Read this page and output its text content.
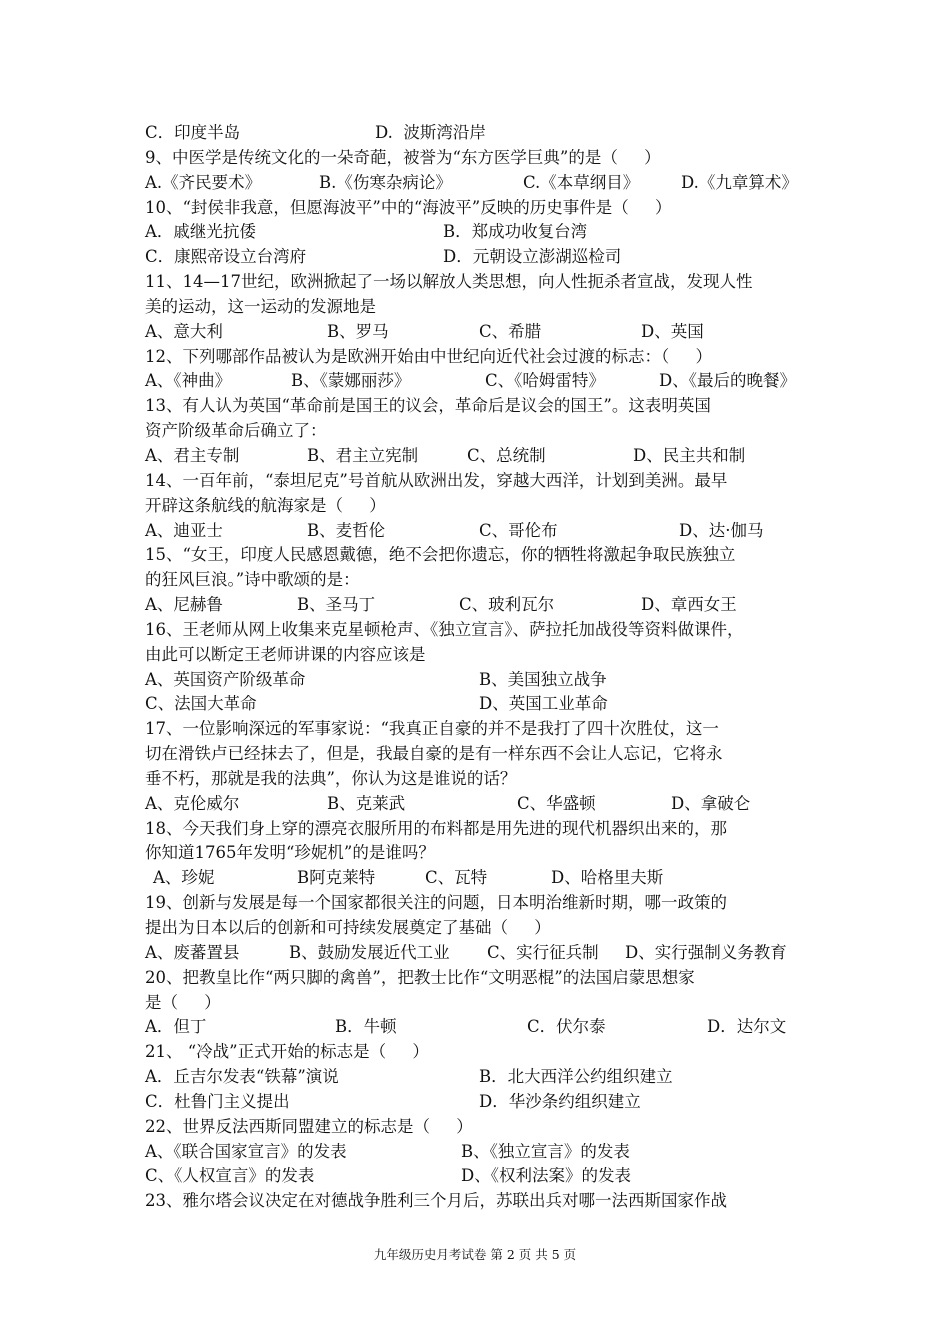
C．印度半岛	D.  波斯湾沿岸
9、中医学是传统文化的一朵奇葩，被誉为“东方医学巨典”的是（     ）
A.《齐民要术》	B.《伤寒杂病论》	C.《本草纲目》	D.《九章算术》
10、“封侯非我意，但愿海波平”中的“海波平”反映的历史事件是（     ）
A．戚继光抗倭	B．郑成功收复台湾
C．康熙帝设立台湾府	D．元朝设立澎湖巡检司
11、14—17世纪，欧洲掀起了一场以解放人类思想，向人性扼杀者宣战，发现人性
美的运动，这一运动的发源地是
A、意大利	B、罗马	C、希腊	D、英国
12、下列哪部作品被认为是欧洲开始由中世纪向近代社会过渡的标志：（     ）
A、《神曲》	B、《蒙娜丽莎》	C、《哈姆雷特》	D、《最后的晚餐》
13、有人认为英国“革命前是国王的议会，革命后是议会的国王”。这表明英国
资产阶级革命后确立了：
A、君主专制	B、君主立宪制	C、总统制	D、民主共和制
14、一百年前，“泰坦尼克”号首航从欧洲出发，穿越大西洋，计划到美洲。最早
开辟这条航线的航海家是（     ）
A、迪亚士	B、麦哲伦	C、哥伦布	D、达·伽马
15、“女王，印度人民感恩戴德，绝不会把你遗忘，你的牺牲将激起争取民族独立
的狂风巨浪。”诗中歌颂的是：
A、尼赫鲁	B、圣马丁	C、玻利瓦尔	D、章西女王
16、王老师从网上收集来克星顿枪声、《独立宣言》、萨拉托加战役等资料做课件，
由此可以断定王老师讲课的内容应该是
A、英国资产阶级革命	B、美国独立战争
C、法国大革命	D、英国工业革命
17、一位影响深远的军事家说：“我真正自豪的并不是我打了四十次胜仗，这一
切在滑铁卢已经抹去了，但是，我最自豪的是有一样东西不会让人忘记，它将永
垂不朽，那就是我的法典”，你认为这是谁说的话？
A、克伦威尔	B、克莱武	C、华盛顿	D、拿破仑
18、今天我们身上穿的漂亮衣服所用的布料都是用先进的现代机器织出来的，那
你知道1765年发明“珍妮机”的是谁吗？
A、珍妮	B阿克莱特	C、瓦特	D、哈格里夫斯
19、创新与发展是每一个国家都很关注的问题，日本明治维新时期，哪一政策的
提出为日本以后的创新和可持续发展奠定了基础（     ）
A、废蕃置县	B、鼓励发展近代工业 C、实行征兵制 D、实行强制义务教育
20、把教皇比作“两只脚的禽兽”，把教士比作“文明恶棍”的法国启蒙思想家
是（     ）
A．但丁	B．牛顿	C．伏尔泰	D．达尔文
21、 “冷战”正式开始的标志是（     ）
A．丘吉尔发表“铁幕”演说	B．北大西洋公约组织建立
C．杜鲁门主义提出	D．华沙条约组织建立
22、世界反法西斯同盟建立的标志是（     ）
A、《联合国家宣言》的发表	B、《独立宣言》的发表
C、《人权宣言》的发表	D、《权利法案》的发表
23、雅尔塔会议决定在对德战争胜利三个月后，苏联出兵对哪一法西斯国家作战
九年级历史月考试卷 第 2 页 共 5 页
